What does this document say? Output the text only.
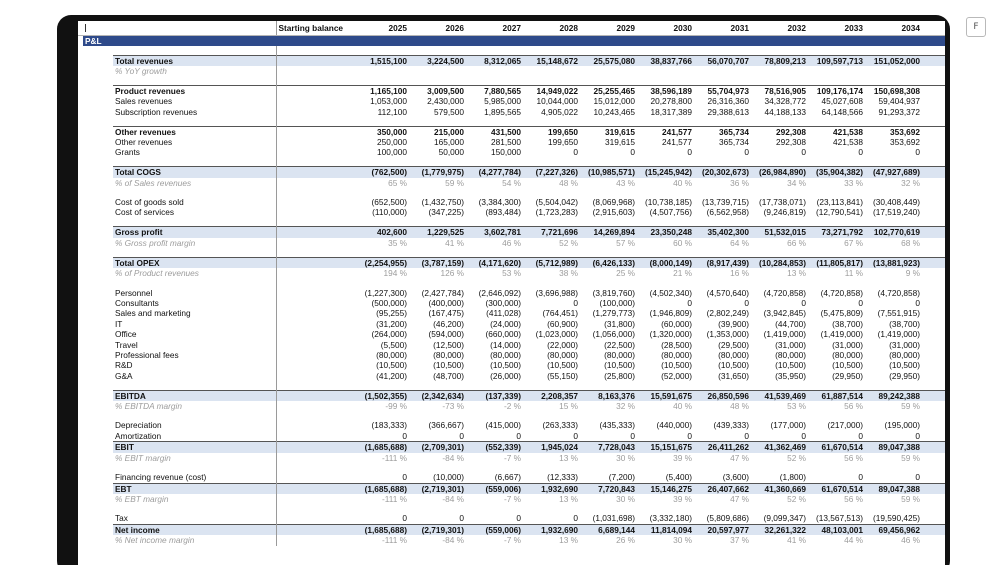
F
			Starting balance	2025	2026	2027	2028	2029	2030	2031	2032	2033	2034	
	P&L													

		Total revenues		1,515,100	3,224,500	8,312,065	15,148,672	25,575,080	38,837,766	56,070,707	78,809,213	109,597,713	151,052,000	
		% YoY growth												

		Product revenues		1,165,100	3,009,500	7,880,565	14,949,022	25,255,465	38,596,189	55,704,973	78,516,905	109,176,174	150,698,308	
		Sales revenues		1,053,000	2,430,000	5,985,000	10,044,000	15,012,000	20,278,800	26,316,360	34,328,772	45,027,608	59,404,937	
		Subscription revenues		112,100	579,500	1,895,565	4,905,022	10,243,465	18,317,389	29,388,613	44,188,133	64,148,566	91,293,372	

		Other revenues		350,000	215,000	431,500	199,650	319,615	241,577	365,734	292,308	421,538	353,692	
		Other revenues		250,000	165,000	281,500	199,650	319,615	241,577	365,734	292,308	421,538	353,692	
		Grants		100,000	50,000	150,000	0	0	0	0	0	0	0	

		Total COGS		(762,500)	(1,779,975)	(4,277,784)	(7,227,326)	(10,985,571)	(15,245,942)	(20,302,673)	(26,984,890)	(35,904,382)	(47,927,689)	
		% of Sales revenues		65 %	59 %	54 %	48 %	43 %	40 %	36 %	34 %	33 %	32 %	

		Cost of goods sold		(652,500)	(1,432,750)	(3,384,300)	(5,504,042)	(8,069,968)	(10,738,185)	(13,739,715)	(17,738,071)	(23,113,841)	(30,408,449)	
		Cost of services		(110,000)	(347,225)	(893,484)	(1,723,283)	(2,915,603)	(4,507,756)	(6,562,958)	(9,246,819)	(12,790,541)	(17,519,240)	

		Gross profit		402,600	1,229,525	3,602,781	7,721,696	14,269,894	23,350,248	35,402,300	51,532,015	73,271,792	102,770,619	
		% Gross profit margin		35 %	41 %	46 %	52 %	57 %	60 %	64 %	66 %	67 %	68 %	

		Total OPEX		(2,254,955)	(3,787,159)	(4,171,620)	(5,712,989)	(6,426,133)	(8,000,149)	(8,917,439)	(10,284,853)	(11,805,817)	(13,881,923)	
		% of Product revenues		194 %	126 %	53 %	38 %	25 %	21 %	16 %	13 %	11 %	9 %	

		Personnel		(1,227,300)	(2,427,784)	(2,646,092)	(3,696,988)	(3,819,760)	(4,502,340)	(4,570,640)	(4,720,858)	(4,720,858)	(4,720,858)	
		Consultants		(500,000)	(400,000)	(300,000)	0	(100,000)	0	0	0	0	0	
		Sales and marketing		(95,255)	(167,475)	(411,028)	(764,451)	(1,279,773)	(1,946,809)	(2,802,249)	(3,942,845)	(5,475,809)	(7,551,915)	
		IT		(31,200)	(46,200)	(24,000)	(60,900)	(31,800)	(60,000)	(39,900)	(44,700)	(38,700)	(38,700)	
		Office		(264,000)	(594,000)	(660,000)	(1,023,000)	(1,056,000)	(1,320,000)	(1,353,000)	(1,419,000)	(1,419,000)	(1,419,000)	
		Travel		(5,500)	(12,500)	(14,000)	(22,000)	(22,500)	(28,500)	(29,500)	(31,000)	(31,000)	(31,000)	
		Professional fees		(80,000)	(80,000)	(80,000)	(80,000)	(80,000)	(80,000)	(80,000)	(80,000)	(80,000)	(80,000)	
		R&D		(10,500)	(10,500)	(10,500)	(10,500)	(10,500)	(10,500)	(10,500)	(10,500)	(10,500)	(10,500)	
		G&A		(41,200)	(48,700)	(26,000)	(55,150)	(25,800)	(52,000)	(31,650)	(35,950)	(29,950)	(29,950)	

		EBITDA		(1,502,355)	(2,342,634)	(137,339)	2,208,357	8,163,376	15,591,675	26,850,596	41,539,469	61,887,514	89,242,388	
		% EBITDA margin		-99 %	-73 %	-2 %	15 %	32 %	40 %	48 %	53 %	56 %	59 %	

		Depreciation		(183,333)	(366,667)	(415,000)	(263,333)	(435,333)	(440,000)	(439,333)	(177,000)	(217,000)	(195,000)	
		Amortization		0	0	0	0	0	0	0	0	0	0	
		EBIT		(1,685,688)	(2,709,301)	(552,339)	1,945,024	7,728,043	15,151,675	26,411,262	41,362,469	61,670,514	89,047,388	
		% EBIT margin		-111 %	-84 %	-7 %	13 %	30 %	39 %	47 %	52 %	56 %	59 %	

		Financing revenue (cost)		0	(10,000)	(6,667)	(12,333)	(7,200)	(5,400)	(3,600)	(1,800)	0	0	
		EBT		(1,685,688)	(2,719,301)	(559,006)	1,932,690	7,720,843	15,146,275	26,407,662	41,360,669	61,670,514	89,047,388	
		% EBT margin		-111 %	-84 %	-7 %	13 %	30 %	39 %	47 %	52 %	56 %	59 %	

		Tax		0	0	0	0	(1,031,698)	(3,332,180)	(5,809,686)	(9,099,347)	(13,567,513)	(19,590,425)	
		Net income		(1,685,688)	(2,719,301)	(559,006)	1,932,690	6,689,144	11,814,094	20,597,977	32,261,322	48,103,001	69,456,962	
		% Net income margin		-111 %	-84 %	-7 %	13 %	26 %	30 %	37 %	41 %	44 %	46 %	
